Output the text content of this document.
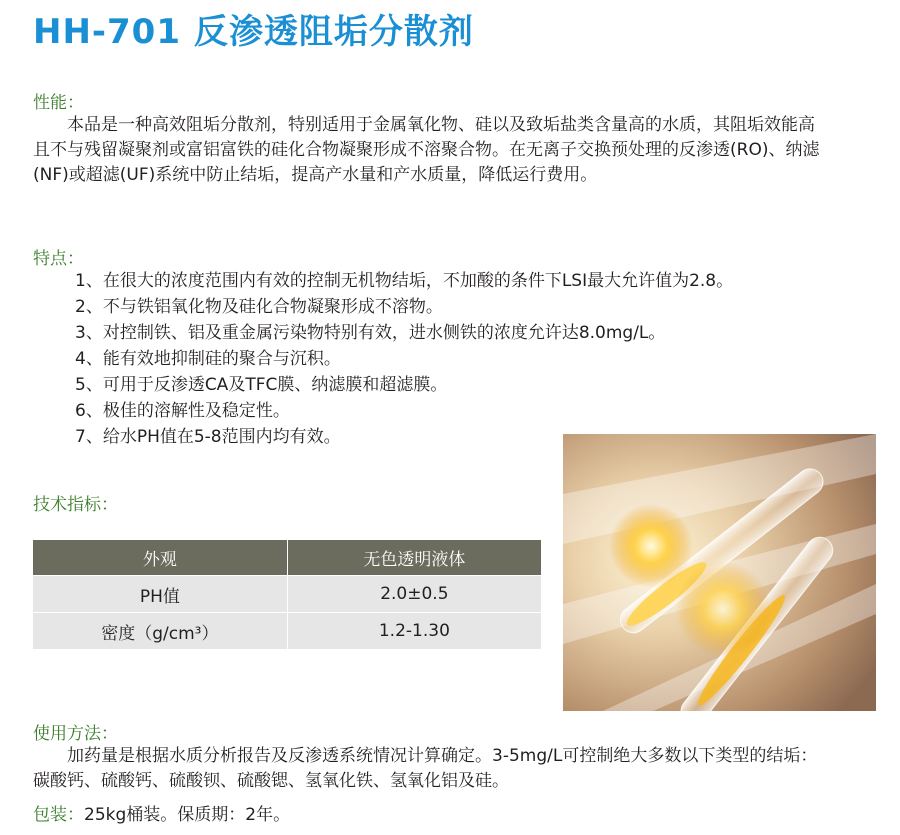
HH-701 反渗透阻垢分散剂
性能：
本品是一种高效阻垢分散剂，特别适用于金属氧化物、硅以及致垢盐类含量高的水质，其阻垢效能高且不与残留凝聚剂或富铝富铁的硅化合物凝聚形成不溶聚合物。在无离子交换预处理的反渗透(RO)、纳滤(NF)或超滤(UF)系统中防止结垢，提高产水量和产水质量，降低运行费用。
特点：
1、在很大的浓度范围内有效的控制无机物结垢，不加酸的条件下LSI最大允许值为2.8。
2、不与铁铝氧化物及硅化合物凝聚形成不溶物。
3、对控制铁、铝及重金属污染物特别有效，进水侧铁的浓度允许达8.0mg/L。
4、能有效地抑制硅的聚合与沉积。
5、可用于反渗透CA及TFC膜、纳滤膜和超滤膜。
6、极佳的溶解性及稳定性。
7、给水PH值在5-8范围内均有效。
技术指标：
外观	无色透明液体
PH值	2.0±0.5
密度（g/cm³）	1.2-1.30
使用方法：
加药量是根据水质分析报告及反渗透系统情况计算确定。3-5mg/L可控制绝大多数以下类型的结垢：碳酸钙、硫酸钙、硫酸钡、硫酸锶、氢氧化铁、氢氧化铝及硅。
包装：25kg桶装。保质期：2年。
